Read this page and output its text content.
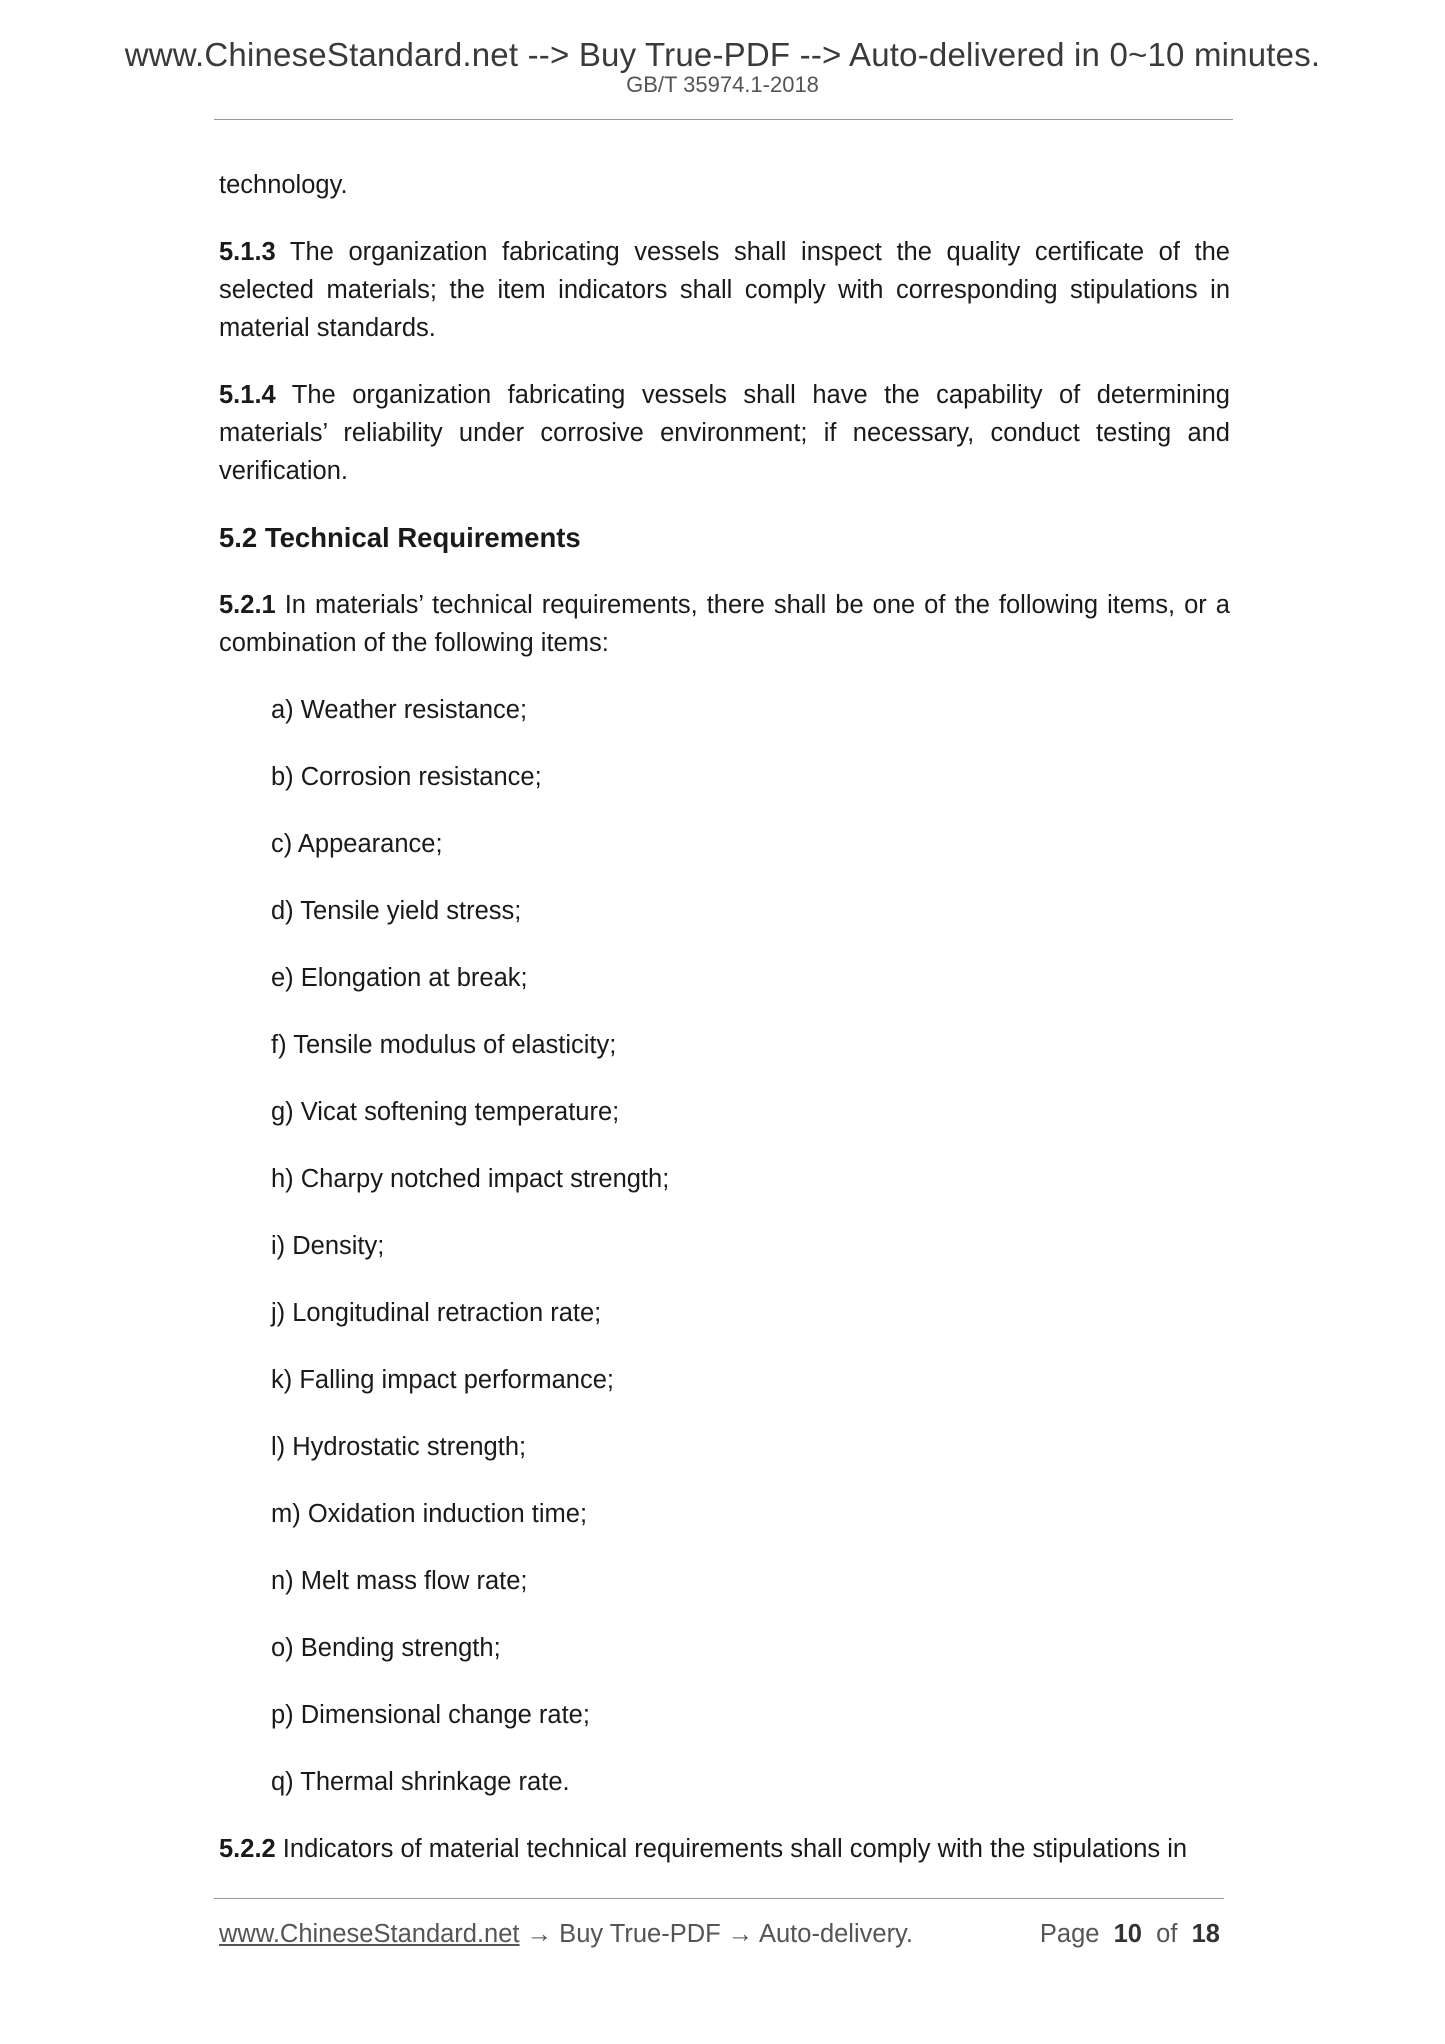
www.ChineseStandard.net --> Buy True-PDF --> Auto-delivered in 0~10 minutes.
GB/T 35974.1-2018

technology.

5.1.3 The organization fabricating vessels shall inspect the quality certificate of the selected materials; the item indicators shall comply with corresponding stipulations in material standards.

5.1.4 The organization fabricating vessels shall have the capability of determining materials’ reliability under corrosive environment; if necessary, conduct testing and verification.

5.2 Technical Requirements

5.2.1 In materials’ technical requirements, there shall be one of the following items, or a combination of the following items:

a) Weather resistance;

b) Corrosion resistance;

c) Appearance;

d) Tensile yield stress;

e) Elongation at break;

f) Tensile modulus of elasticity;

g) Vicat softening temperature;

h) Charpy notched impact strength;

i) Density;

j) Longitudinal retraction rate;

k) Falling impact performance;

l) Hydrostatic strength;

m) Oxidation induction time;

n) Melt mass flow rate;

o) Bending strength;

p) Dimensional change rate;

q) Thermal shrinkage rate.

5.2.2 Indicators of material technical requirements shall comply with the stipulations in

www.ChineseStandard.net → Buy True-PDF → Auto-delivery.	Page 10 of 18
